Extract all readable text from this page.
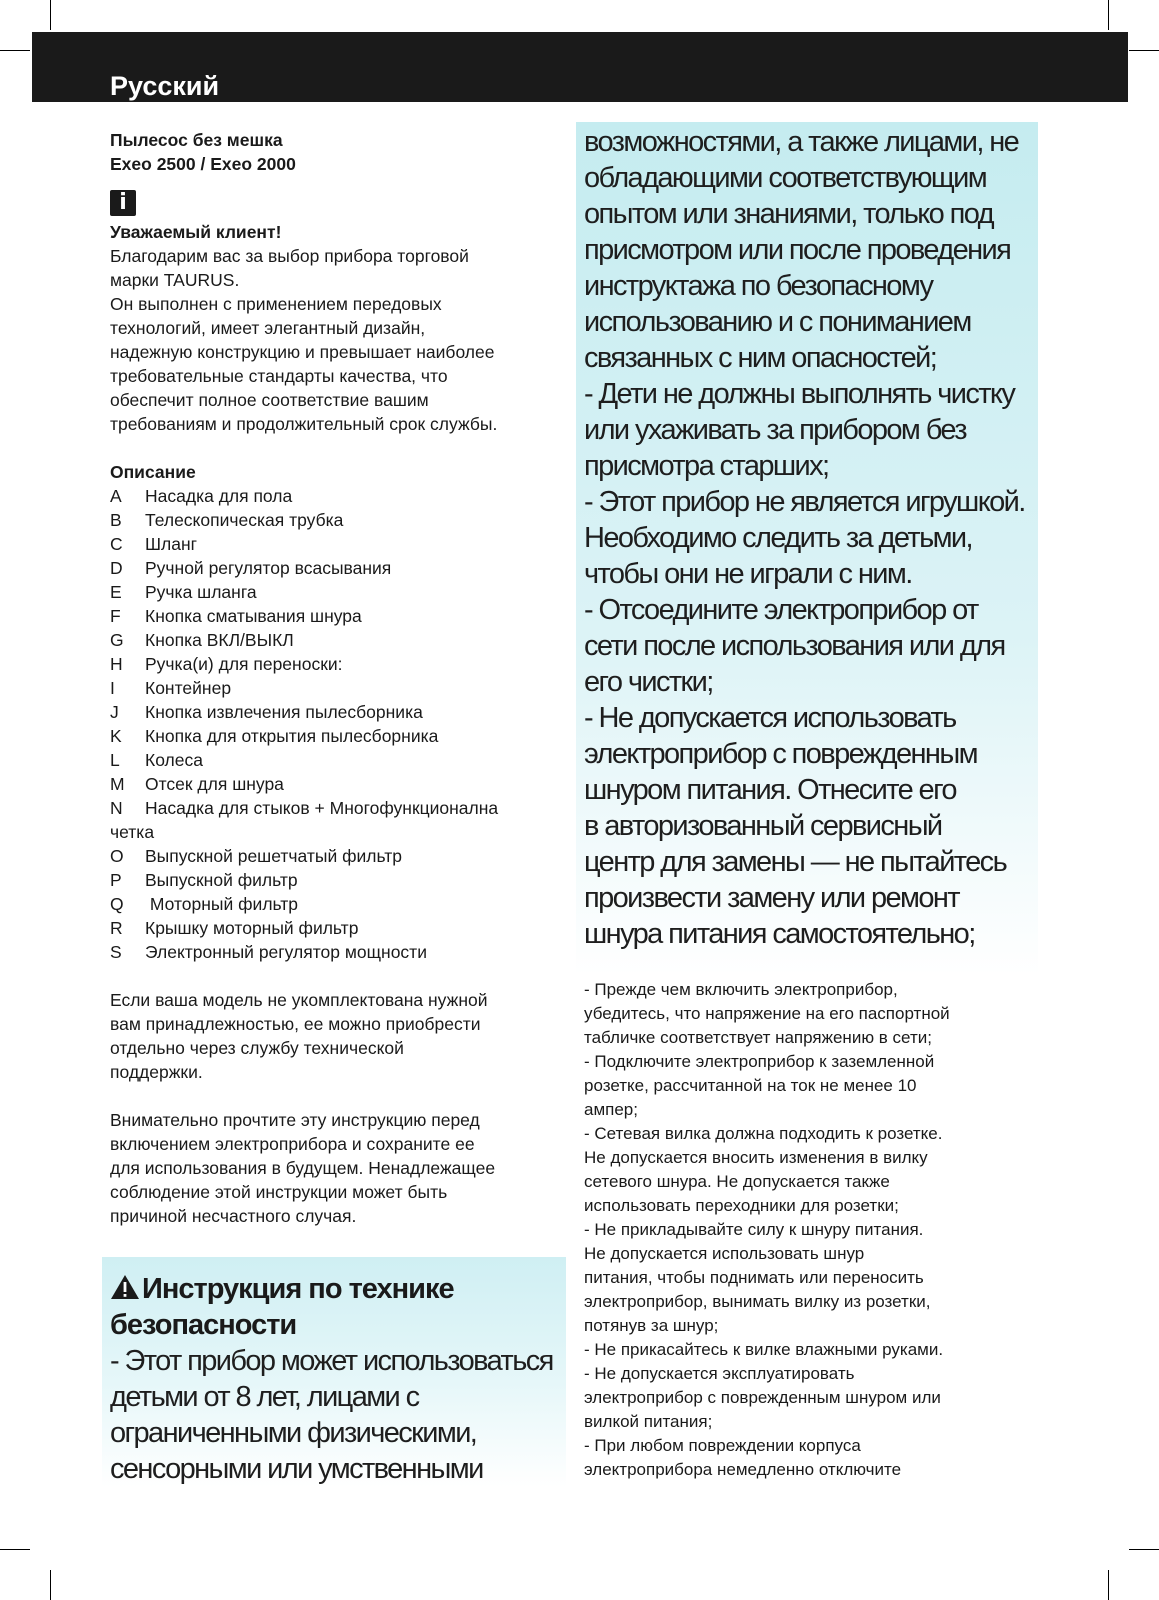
Русский

Пылесос без мешка

Exeo 2500 / Exeo 2000

i

Уважаемый клиент!

Благодарим вас за выбор прибора торговой

марки TAURUS.

Он выполнен с применением передовых

технологий, имеет элегантный дизайн,

надежную конструкцию и превышает наиболее

требовательные стандарты качества, что

обеспечит полное соответствие вашим

требованиям и продолжительный срок службы.

Описание

A Насадка для пола
B Телескопическая трубка
C Шланг
D Ручной регулятор всасывания
E Ручка шланга
F Кнопка сматывания шнура
G Кнопка ВКЛ/ВЫКЛ
H Ручка(и) для переноски:
I Контейнер
J Кнопка извлечения пылесборника
K Кнопка для открытия пылесборника
L Колеса
M Отсек для шнура
N Насадка для стыков + Многофункционална
четка
O Выпускной решетчатый фильтр
P Выпускной фильтр
Q Моторный фильтр
R Крышку моторный фильтр
S Электронный регулятор мощности

Если ваша модель не укомплектована нужной

вам принадлежностью, ее можно приобрести

отдельно через службу технической

поддержки.

Внимательно прочтите эту инструкцию перед

включением электроприбора и сохраните ее

для использования в будущем. Ненадлежащее

соблюдение этой инструкции может быть

причиной несчастного случая.

Инструкция по технике

безопасности

- Этот прибор может использоваться

детьми от 8 лет, лицами с

ограниченными физическими,

сенсорными или умственными

возможностями, а также лицами, не

обладающими соответствующим

опытом или знаниями, только под

присмотром или после проведения

инструктажа по безопасному

использованию и с пониманием

связанных с ним опасностей;

- Дети не должны выполнять чистку

или ухаживать за прибором без

присмотра старших;

- Этот прибор не является игрушкой.

Необходимо следить за детьми,

чтобы они не играли с ним.

- Отсоедините электроприбор от

сети после использования или для

его чистки;

- Не допускается использовать

электроприбор с поврежденным

шнуром питания. Отнесите его

в авторизованный сервисный

центр для замены — не пытайтесь

произвести замену или ремонт

шнура питания самостоятельно;

- Прежде чем включить электроприбор,

убедитесь, что напряжение на его паспортной

табличке соответствует напряжению в сети;

- Подключите электроприбор к заземленной

розетке, рассчитанной на ток не менее 10

ампер;

- Сетевая вилка должна подходить к розетке.

Не допускается вносить изменения в вилку

сетевого шнура. Не допускается также

использовать переходники для розетки;

- Не прикладывайте силу к шнуру питания.

Не допускается использовать шнур

питания, чтобы поднимать или переносить

электроприбор, вынимать вилку из розетки,

потянув за шнур;

- Не прикасайтесь к вилке влажными руками.

- Не допускается эксплуатировать

электроприбор с поврежденным шнуром или

вилкой питания;

- При любом повреждении корпуса

электроприбора немедленно отключите
